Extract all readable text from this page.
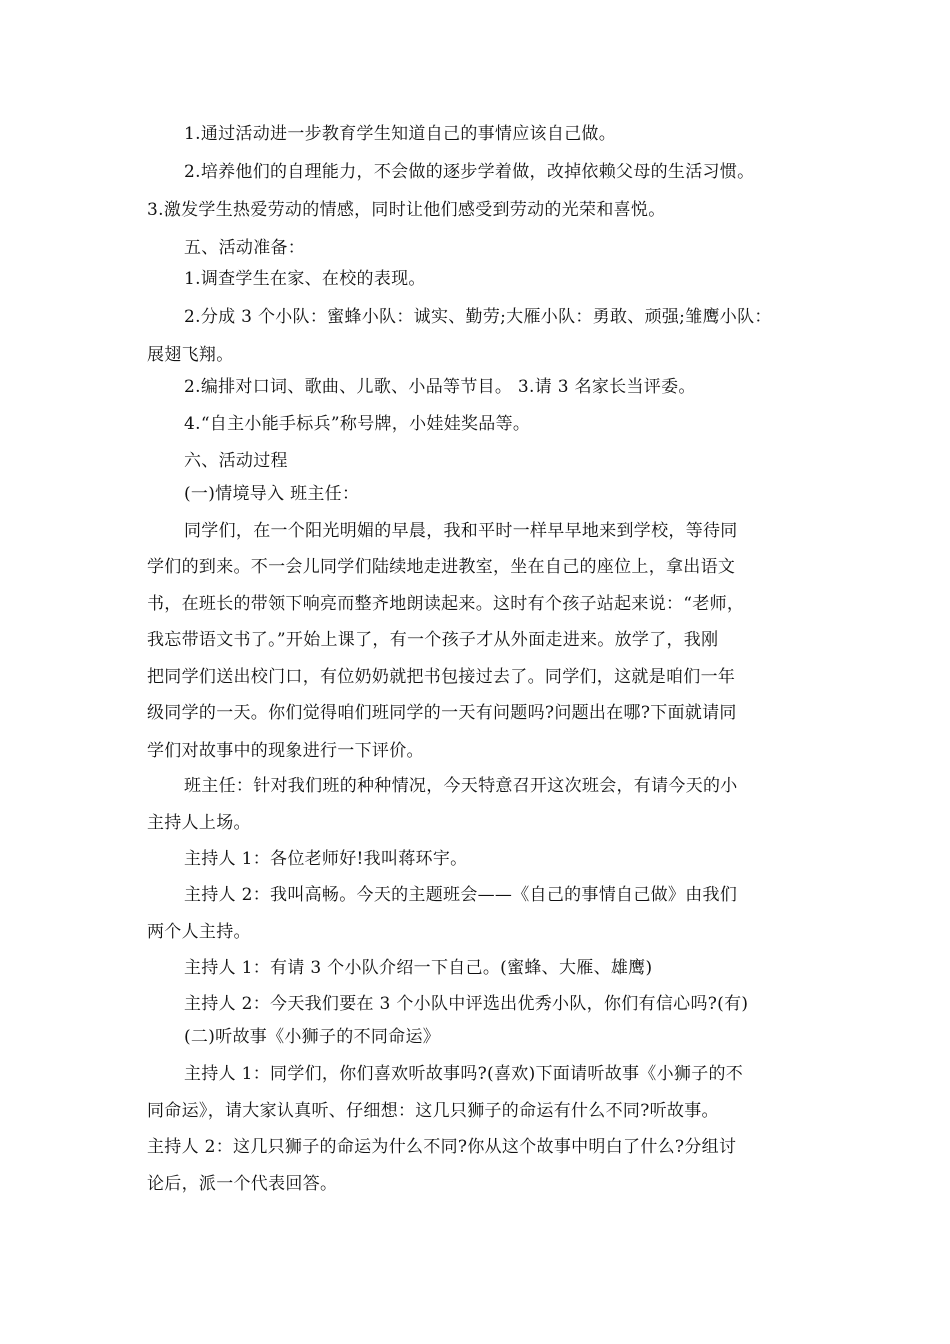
1.通过活动进一步教育学生知道自己的事情应该自己做。
2.培养他们的自理能力，不会做的逐步学着做，改掉依赖父母的生活习惯。
3.激发学生热爱劳动的情感，同时让他们感受到劳动的光荣和喜悦。
五、活动准备：
1.调查学生在家、在校的表现。
2.分成 3 个小队：蜜蜂小队：诚实、勤劳;大雁小队：勇敢、顽强;雏鹰小队：
展翅飞翔。
2.编排对口词、歌曲、儿歌、小品等节目。 3.请 3 名家长当评委。
4.“自主小能手标兵”称号牌，小娃娃奖品等。
六、活动过程
(一)情境导入 班主任：
同学们，在一个阳光明媚的早晨，我和平时一样早早地来到学校，等待同
学们的到来。不一会儿同学们陆续地走进教室，坐在自己的座位上，拿出语文
书，在班长的带领下响亮而整齐地朗读起来。这时有个孩子站起来说：“老师，
我忘带语文书了。”开始上课了，有一个孩子才从外面走进来。放学了，我刚
把同学们送出校门口，有位奶奶就把书包接过去了。同学们，这就是咱们一年
级同学的一天。你们觉得咱们班同学的一天有问题吗?问题出在哪?下面就请同
学们对故事中的现象进行一下评价。
班主任：针对我们班的种种情况，今天特意召开这次班会，有请今天的小
主持人上场。
主持人 1：各位老师好!我叫蒋环宇。
主持人 2：我叫高畅。今天的主题班会——《自己的事情自己做》由我们
两个人主持。
主持人 1：有请 3 个小队介绍一下自己。(蜜蜂、大雁、雄鹰)
主持人 2：今天我们要在 3 个小队中评选出优秀小队，你们有信心吗?(有)
(二)听故事《小狮子的不同命运》
主持人 1：同学们，你们喜欢听故事吗?(喜欢)下面请听故事《小狮子的不
同命运》，请大家认真听、仔细想：这几只狮子的命运有什么不同?听故事。
主持人 2：这几只狮子的命运为什么不同?你从这个故事中明白了什么?分组讨
论后，派一个代表回答。
